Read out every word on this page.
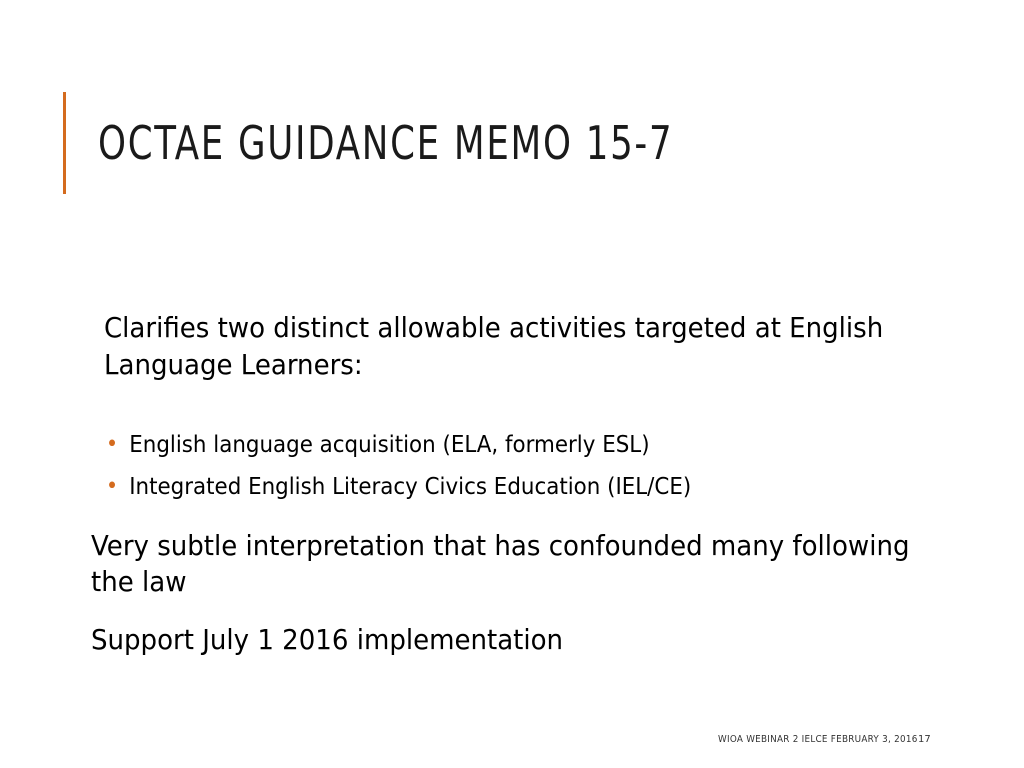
OCTAE GUIDANCE MEMO 15-7

Clarifies two distinct allowable activities targeted at English Language Learners:

• English language acquisition (ELA, formerly ESL)
• Integrated English Literacy Civics Education (IEL/CE)

Very subtle interpretation that has confounded many following the law

Support July 1 2016 implementation

WIOA WEBINAR 2 IELCE FEBRUARY 3, 2016 17
